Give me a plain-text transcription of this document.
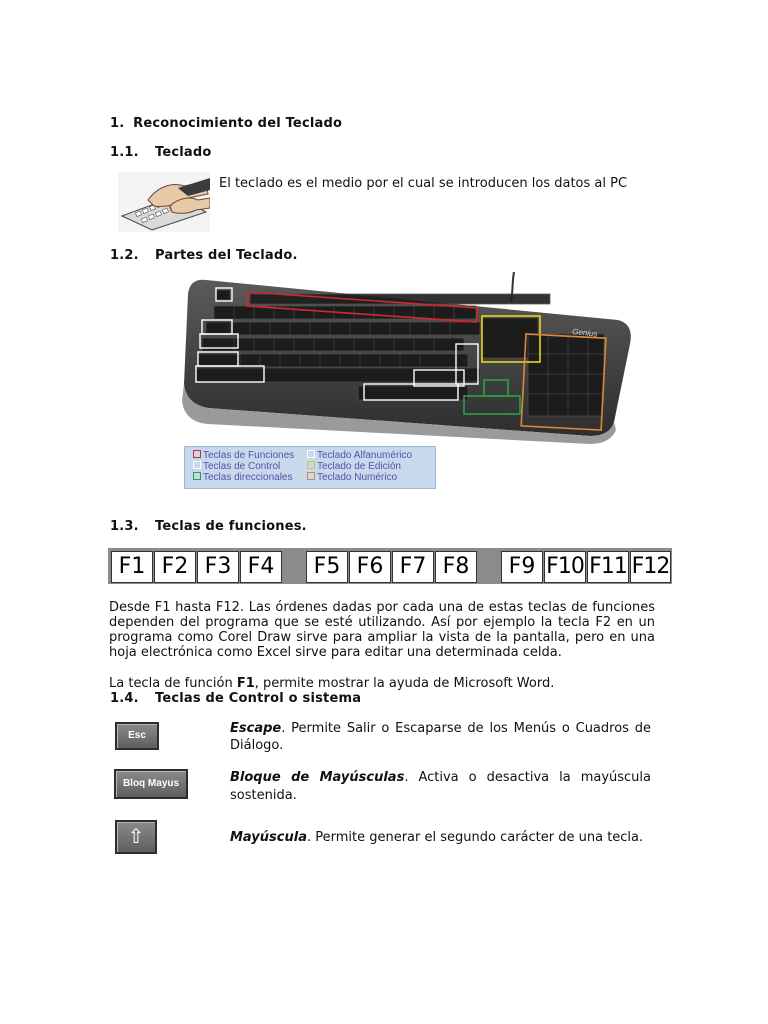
1. Reconocimiento del Teclado
1.1. Teclado
El teclado es el medio por el cual se introducen los datos al PC
1.2. Partes del Teclado.
Genius
Teclas de Funciones	Teclado Alfanumérico
Teclas de Control	Teclado de Edición
Teclas direccionales	Teclado Numérico
1.3. Teclas de funciones.
F1 F2 F3 F4	F5 F6 F7 F8	F9 F10 F11 F12
Desde F1 hasta F12. Las órdenes dadas por cada una de estas teclas de funciones dependen del programa que se esté utilizando. Así por ejemplo la tecla F2 en un programa como Corel Draw sirve para ampliar la vista de la pantalla, pero en una hoja electrónica como Excel sirve para editar una determinada celda.
La tecla de función F1, permite mostrar la ayuda de Microsoft Word.
1.4. Teclas de Control o sistema
Esc	Escape. Permite Salir o Escaparse de los Menús o Cuadros de Diálogo.
Bloq Mayus	Bloque de Mayúsculas. Activa o desactiva la mayúscula sostenida.
⇧	Mayúscula. Permite generar el segundo carácter de una tecla.
